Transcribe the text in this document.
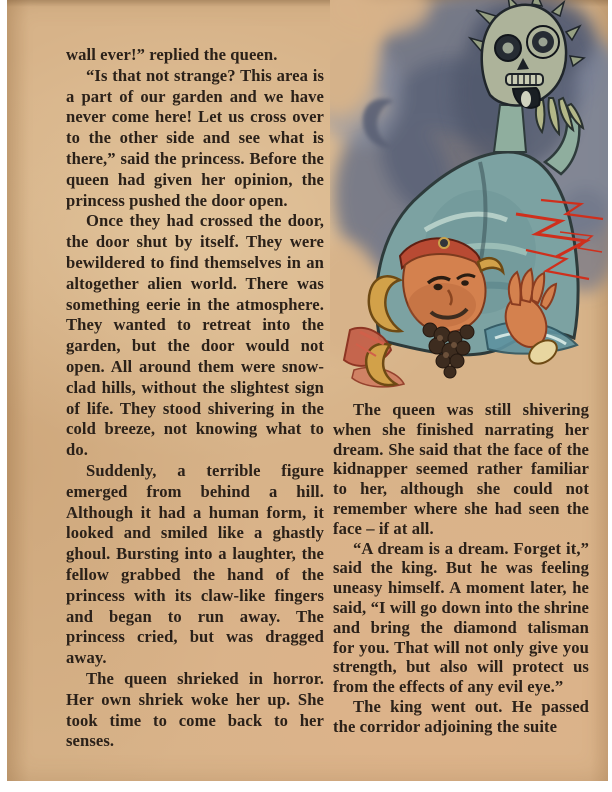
wall ever!” replied the queen.

“Is that not strange? This area is a part of our garden and we have never come here! Let us cross over to the other side and see what is there,” said the princess. Before the queen had given her opinion, the princess pushed the door open.

Once they had crossed the door, the door shut by itself. They were bewildered to find themselves in an altogether alien world. There was something eerie in the atmosphere. They wanted to retreat into the garden, but the door would not open. All around them were snow-clad hills, without the slightest sign of life. They stood shivering in the cold breeze, not knowing what to do.

Suddenly, a terrible figure emerged from behind a hill. Although it had a human form, it looked and smiled like a ghastly ghoul. Bursting into a laughter, the fellow grabbed the hand of the princess with its claw-like fingers and began to run away. The princess cried, but was dragged away.

The queen shrieked in horror. Her own shriek woke her up. She took time to come back to her senses.

The queen was still shivering when she finished narrating her dream. She said that the face of the kidnapper seemed rather familiar to her, although she could not remember where she had seen the face – if at all.

“A dream is a dream. Forget it,” said the king. But he was feeling uneasy himself. A moment later, he said, “I will go down into the shrine and bring the diamond talisman for you. That will not only give you strength, but also will protect us from the effects of any evil eye.”

The king went out. He passed the corridor adjoining the suite
